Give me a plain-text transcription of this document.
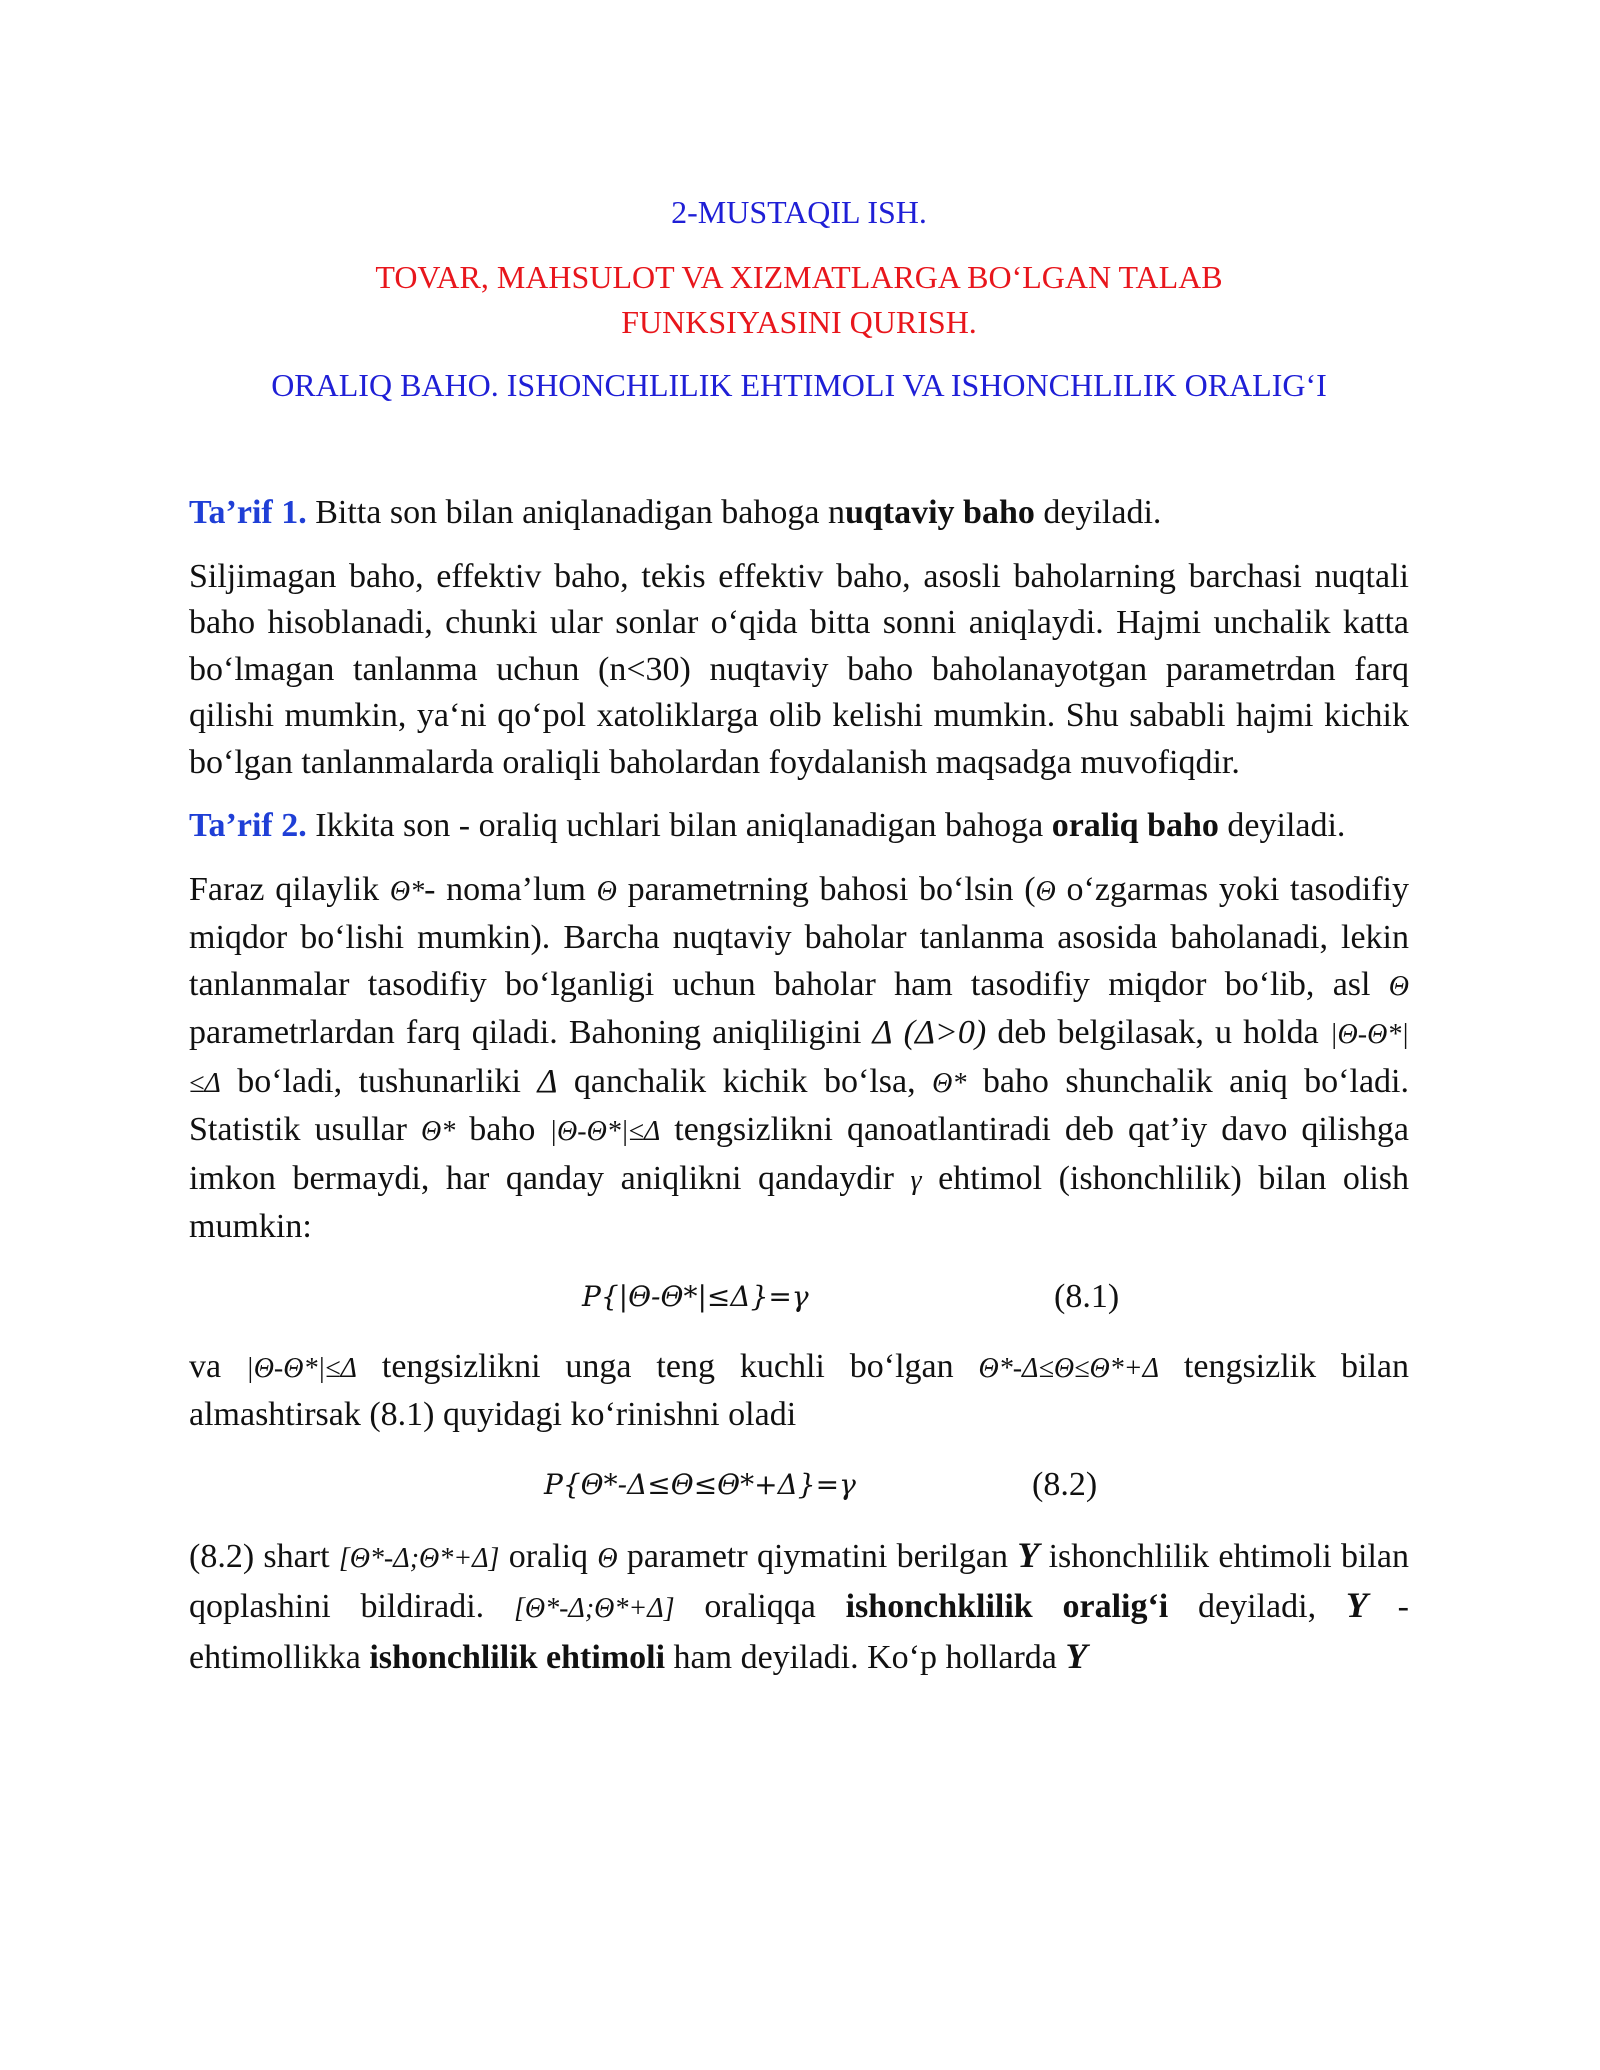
2-MUSTAQIL ISH.

TOVAR, MAHSULOT VA XIZMATLARGA BO‘LGAN TALAB

FUNKSIYASINI QURISH.

ORALIQ BAHO. ISHONCHLILIK EHTIMOLI VA ISHONCHLILIK ORALIG‘I

Ta’rif 1. Bitta son bilan aniqlanadigan bahoga nuqtaviy baho deyiladi.

Siljimagan baho, effektiv baho, tekis effektiv baho, asosli baholarning barchasi nuqtali baho hisoblanadi, chunki ular sonlar o‘qida bitta sonni aniqlaydi. Hajmi unchalik katta bo‘lmagan tanlanma uchun (n<30) nuqtaviy baho baholanayotgan parametrdan farq qilishi mumkin, ya‘ni qo‘pol xatoliklarga olib kelishi mumkin. Shu sababli hajmi kichik bo‘lgan tanlanmalarda oraliqli baholardan foydalanish maqsadga muvofiqdir.

Ta’rif 2. Ikkita son - oraliq uchlari bilan aniqlanadigan bahoga oraliq baho deyiladi.

Faraz qilaylik Θ*- noma’lum Θ parametrning bahosi bo‘lsin (Θ o‘zgarmas yoki tasodifiy miqdor bo‘lishi mumkin). Barcha nuqtaviy baholar tanlanma asosida baholanadi, lekin tanlanmalar tasodifiy bo‘lganligi uchun baholar ham tasodifiy miqdor bo‘lib, asl Θ parametrlardan farq qiladi. Bahoning aniqliligini Δ (Δ>0) deb belgilasak, u holda |Θ-Θ*|≤Δ bo‘ladi, tushunarliki Δ qanchalik kichik bo‘lsa, Θ* baho shunchalik aniq bo‘ladi. Statistik usullar Θ* baho |Θ-Θ*|≤Δ tengsizlikni qanoatlantiradi deb qat’iy davo qilishga imkon bermaydi, har qanday aniqlikni qandaydir γ ehtimol (ishonchlilik) bilan olish mumkin:

P{|Θ-Θ*|≤Δ}=γ	(8.1)

va |Θ-Θ*|≤Δ tengsizlikni unga teng kuchli bo‘lgan Θ*-Δ≤Θ≤Θ*+Δ tengsizlik bilan almashtirsak (8.1) quyidagi ko‘rinishni oladi

P{Θ*-Δ≤Θ≤Θ*+Δ}=γ	(8.2)

(8.2) shart [Θ*-Δ;Θ*+Δ] oraliq Θ parametr qiymatini berilgan Y ishonchlilik ehtimoli bilan qoplashini bildiradi. [Θ*-Δ;Θ*+Δ] oraliqqa ishonchklilik oralig‘i deyiladi, Y - ehtimollikka ishonchlilik ehtimoli ham deyiladi. Ko‘p hollarda Y
